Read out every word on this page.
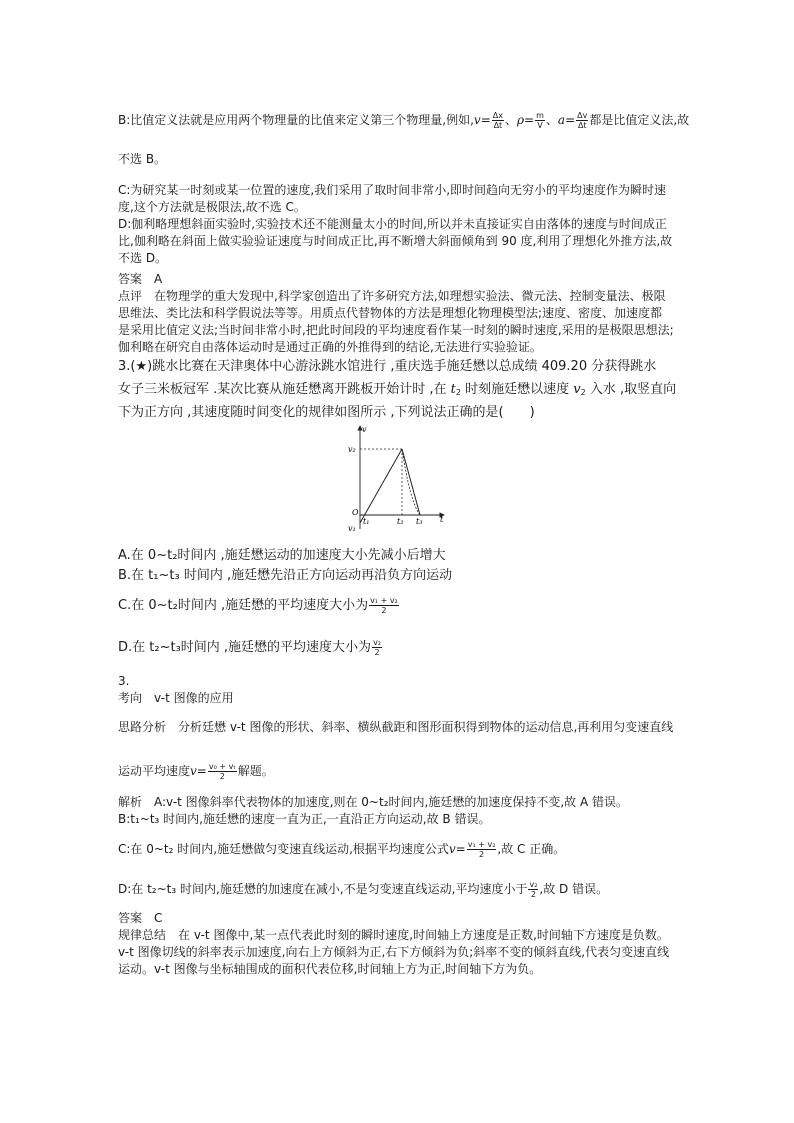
B:比值定义法就是应用两个物理量的比值来定义第三个物理量,例如$,v= \frac{\Delta x}{\Delta t}$ 、$\rho= \frac{m}{V}$ 、$a= \frac{\Delta v}{\Delta t}$ 都是比值定义法,故
不选 B。
C:为研究某一时刻或某一位置的速度,我们采用了取时间非常小,即时间趋向无穷小的平均速度作为瞬时速
度,这个方法就是极限法,故不选 C。
D:伽利略理想斜面实验时,实验技术还不能测量太小的时间,所以并未直接证实自由落体的速度与时间成正
比,伽利略在斜面上做实验验证速度与时间成正比,再不断增大斜面倾角到 90 度,利用了理想化外推方法,故
不选 D。
答案　A
点评　在物理学的重大发现中,科学家创造出了许多研究方法,如理想实验法、微元法、控制变量法、极限
思维法、类比法和科学假说法等等。用质点代替物体的方法是理想化物理模型法;速度、密度、加速度都
是采用比值定义法;当时间非常小时,把此时间段的平均速度看作某一时刻的瞬时速度,采用的是极限思想法;
伽利略在研究自由落体运动时是通过正确的外推得到的结论,无法进行实验验证。
3.(★)跳水比赛在天津奥体中心游泳跳水馆进行 ,重庆选手施廷懋以总成绩 409.20 分获得跳水
女子三米板冠军 .某次比赛从施廷懋离开跳板开始计时 ,在 $t_2$ 时刻施廷懋以速度 $v_2$ 入水 ,取竖直向
下为正方向 ,其速度随时间变化的规律如图所示 ,下列说法正确的是(　　)
v
v₂
O
v₁
t₁	t₂ t₃ t
A.在 0~t₂时间内 ,施廷懋运动的加速度大小先减小后增大
B.在 t₁~t₃ 时间内 ,施廷懋先沿正方向运动再沿负方向运动
C.在 0~t₂时间内 ,施廷懋的平均速度大小为 $\frac{\text{v₁ + v₂}}{2}$
D.在 t₂~t₃时间内 ,施廷懋的平均速度大小为 $\frac{\text{v₂}}{2}$
3.
考向　v-t 图像的应用
思路分析　分析廷懋 v-t 图像的形状、斜率、横纵截距和图形面积得到物体的运动信息,再利用匀变速直线
运动平均速度$v= \frac{\text{v₀ + vₜ}}{2}$ 解题。
解析　A:v-t 图像斜率代表物体的加速度,则在 0~t₂时间内,施廷懋的加速度保持不变,故 A 错误。
B:t₁~t₃ 时间内,施廷懋的速度一直为正,一直沿正方向运动,故 B 错误。
C:在 0~t₂ 时间内,施廷懋做匀变速直线运动,根据平均速度公式$v= \frac{\text{v₁ + v₂}}{2}$ ,故 C 正确。
D:在 t₂~t₃ 时间内,施廷懋的加速度在减小,不是匀变速直线运动,平均速度小于 $\frac{\text{v₂}}{2}$ ,故 D 错误。
答案　C
规律总结　在 v-t 图像中,某一点代表此时刻的瞬时速度,时间轴上方速度是正数,时间轴下方速度是负数。
v-t 图像切线的斜率表示加速度,向右上方倾斜为正,右下方倾斜为负;斜率不变的倾斜直线,代表匀变速直线
运动。v-t 图像与坐标轴围成的面积代表位移,时间轴上方为正,时间轴下方为负。
